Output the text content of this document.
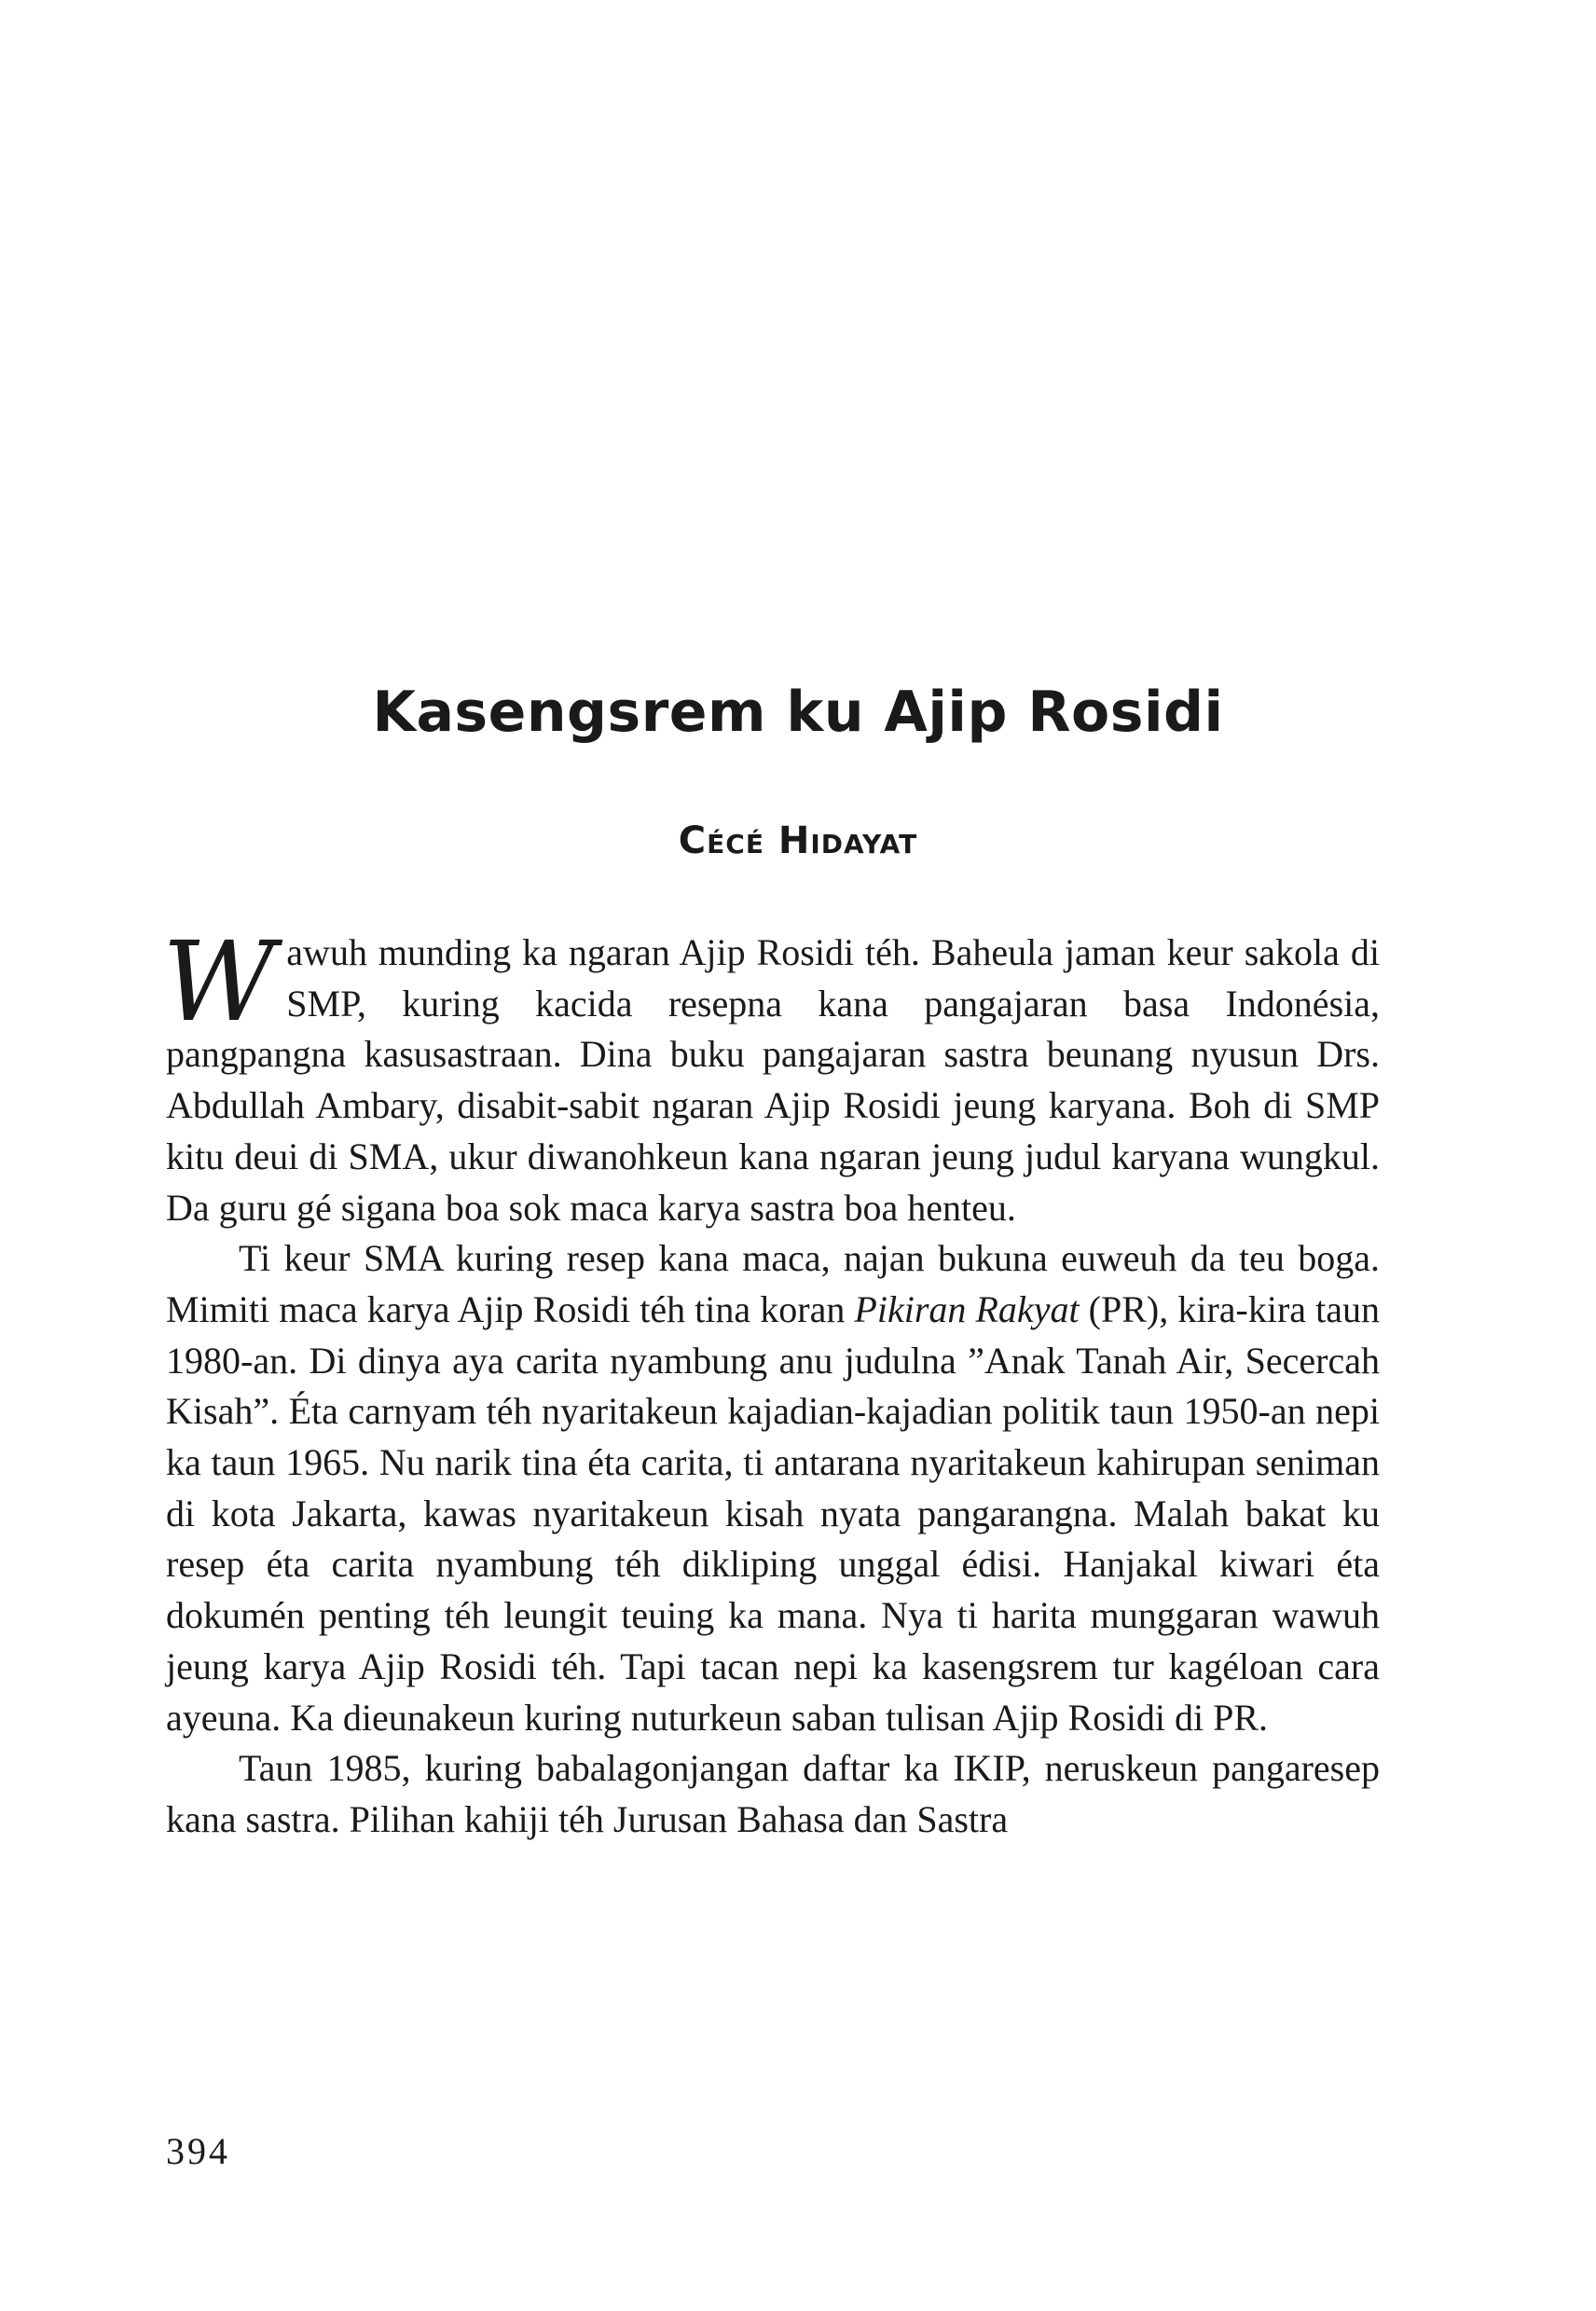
Kasengsrem ku Ajip Rosidi
Cécé Hidayat

Wawuh munding ka ngaran Ajip Rosidi téh. Baheula jaman keur sakola di SMP, kuring kacida resepna kana pangajaran basa Indonésia, pangpangna kasusastraan. Dina buku pangajaran sastra beunang nyusun Drs. Abdullah Ambary, disabit-sabit ngaran Ajip Rosidi jeung karyana. Boh di SMP kitu deui di SMA, ukur diwanohkeun kana ngaran jeung judul karyana wungkul. Da guru gé sigana boa sok maca karya sastra boa henteu.

Ti keur SMA kuring resep kana maca, najan bukuna euweuh da teu boga. Mimiti maca karya Ajip Rosidi téh tina koran Pikiran Rakyat (PR), kira-kira taun 1980-an. Di dinya aya carita nyambung anu judulna ”Anak Tanah Air, Secercah Kisah”. Éta carnyam téh nyaritakeun kajadian-kajadian politik taun 1950-an nepi ka taun 1965. Nu narik tina éta carita, ti antarana nyaritakeun kahirupan seniman di kota Jakarta, kawas nyaritakeun kisah nyata pangarangna. Malah bakat ku resep éta carita nyambung téh dikliping unggal édisi. Hanjakal kiwari éta dokumén penting téh leungit teuing ka mana. Nya ti harita munggaran wawuh jeung karya Ajip Rosidi téh. Tapi tacan nepi ka kasengsrem tur kagéloan cara ayeuna. Ka dieunakeun kuring nuturkeun saban tulisan Ajip Rosidi di PR.

Taun 1985, kuring babalagonjangan daftar ka IKIP, neruskeun pangaresep kana sastra. Pilihan kahiji téh Jurusan Bahasa dan Sastra

394
